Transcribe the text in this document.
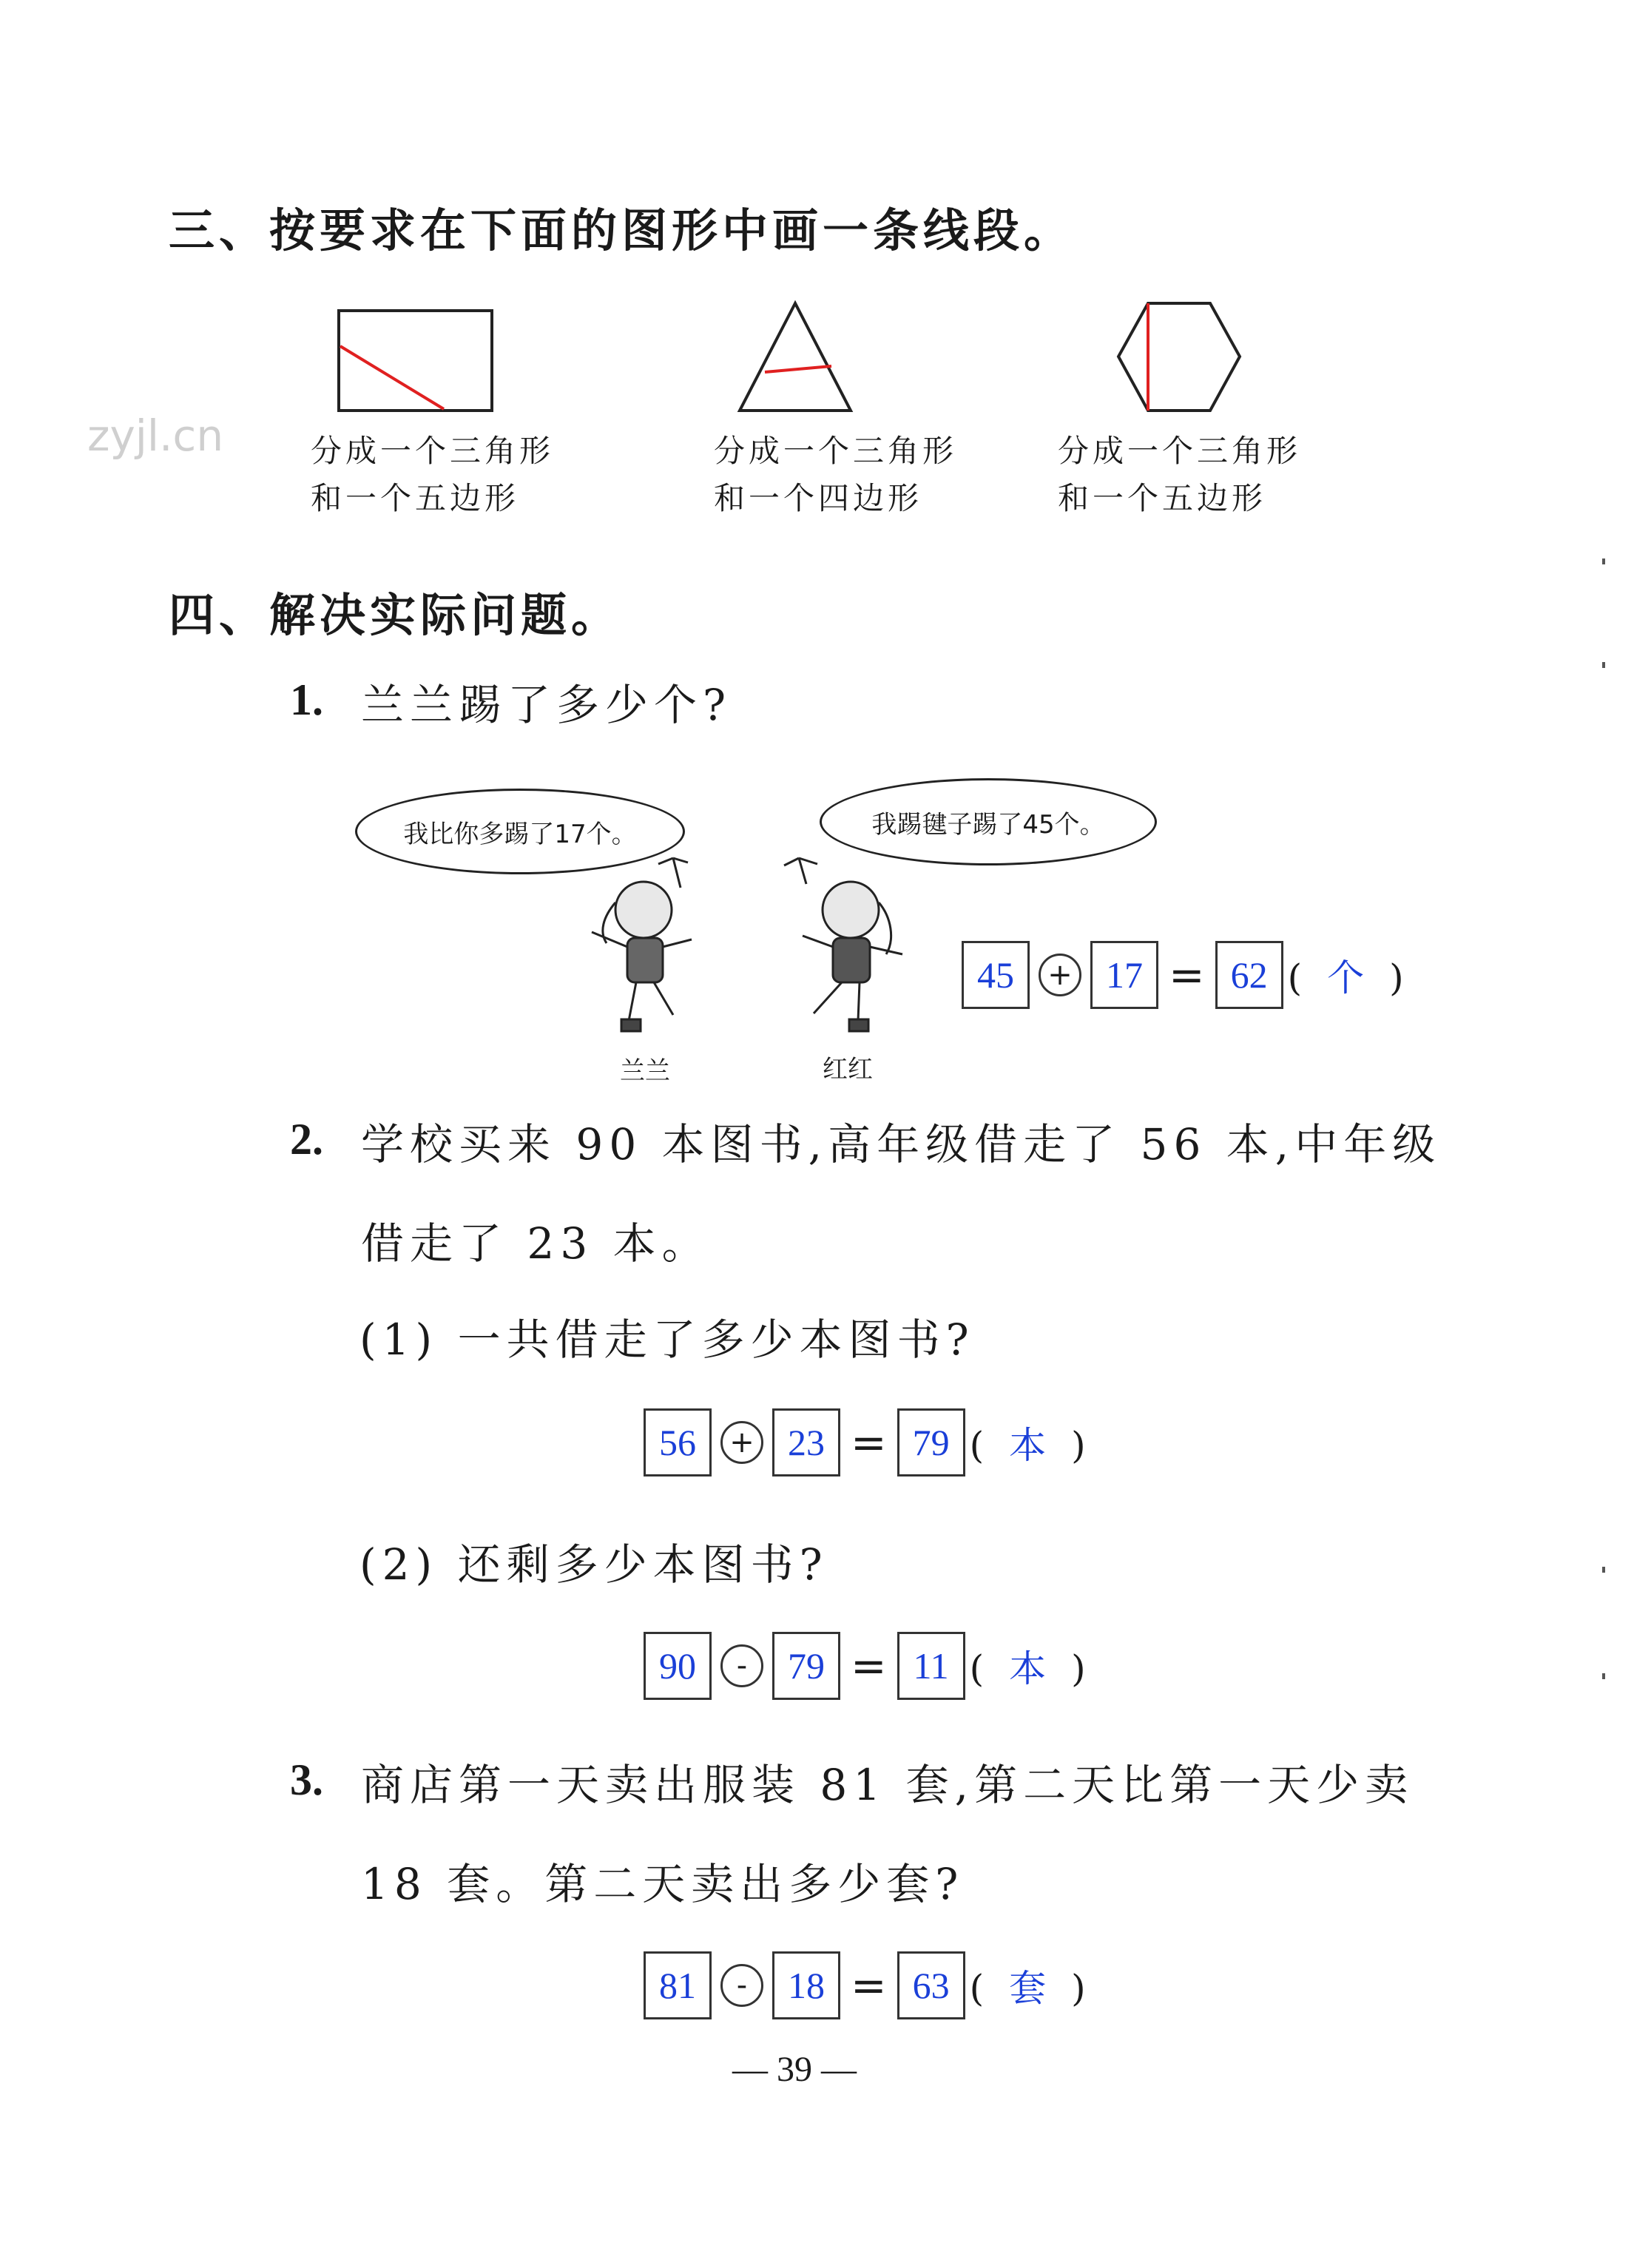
三、按要求在下面的图形中画一条线段。
zyjl.cn	分成一个三角形
和一个五边形
分成一个三角形
和一个四边形
分成一个三角形
和一个五边形
四、解决实际问题。
1. 兰兰踢了多少个?
我比你多踢了17个。	我踢毽子踢了45个。
兰兰	红红
45	+ 17 = 62 ( 个 )
2. 学校买来 90 本图书,高年级借走了 56 本,中年级
借走了 23 本。
(1) 一共借走了多少本图书?
56	+ 23 = 79 ( 本 )
(2) 还剩多少本图书?
90	-	79 = 11 ( 本 )
3. 商店第一天卖出服装 81 套,第二天比第一天少卖
18 套。第二天卖出多少套?
81	-	18 = 63 ( 套 )
— 39 —
